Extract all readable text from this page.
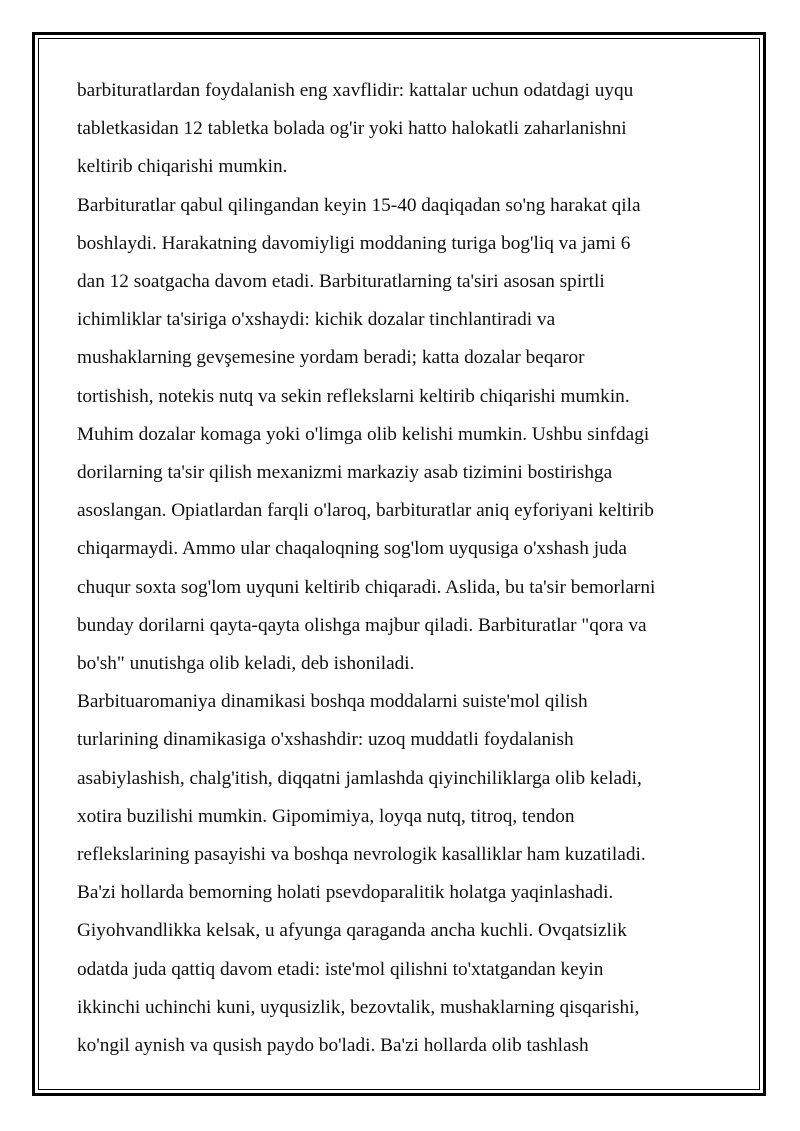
barbituratlardan foydalanish eng xavflidir: kattalar uchun odatdagi uyqu
tabletkasidan 12 tabletka bolada og'ir yoki hatto halokatli zaharlanishni
keltirib chiqarishi mumkin.
Barbituratlar qabul qilingandan keyin 15-40 daqiqadan so'ng harakat qila
boshlaydi. Harakatning davomiyligi moddaning turiga bog'liq va jami 6
dan 12 soatgacha davom etadi. Barbituratlarning ta'siri asosan spirtli
ichimliklar ta'siriga o'xshaydi: kichik dozalar tinchlantiradi va
mushaklarning gevşemesine yordam beradi; katta dozalar beqaror
tortishish, notekis nutq va sekin reflekslarni keltirib chiqarishi mumkin.
Muhim dozalar komaga yoki o'limga olib kelishi mumkin. Ushbu sinfdagi
dorilarning ta'sir qilish mexanizmi markaziy asab tizimini bostirishga
asoslangan. Opiatlardan farqli o'laroq, barbituratlar aniq eyforiyani keltirib
chiqarmaydi. Ammo ular chaqaloqning sog'lom uyqusiga o'xshash juda
chuqur soxta sog'lom uyquni keltirib chiqaradi. Aslida, bu ta'sir bemorlarni
bunday dorilarni qayta-qayta olishga majbur qiladi. Barbituratlar "qora va
bo'sh" unutishga olib keladi, deb ishoniladi.
Barbituaromaniya dinamikasi boshqa moddalarni suiste'mol qilish
turlarining dinamikasiga o'xshashdir: uzoq muddatli foydalanish
asabiylashish, chalg'itish, diqqatni jamlashda qiyinchiliklarga olib keladi,
xotira buzilishi mumkin. Gipomimiya, loyqa nutq, titroq, tendon
reflekslarining pasayishi va boshqa nevrologik kasalliklar ham kuzatiladi.
Ba'zi hollarda bemorning holati psevdoparalitik holatga yaqinlashadi.
Giyohvandlikka kelsak, u afyunga qaraganda ancha kuchli. Ovqatsizlik
odatda juda qattiq davom etadi: iste'mol qilishni to'xtatgandan keyin
ikkinchi uchinchi kuni, uyqusizlik, bezovtalik, mushaklarning qisqarishi,
ko'ngil aynish va qusish paydo bo'ladi. Ba'zi hollarda olib tashlash
